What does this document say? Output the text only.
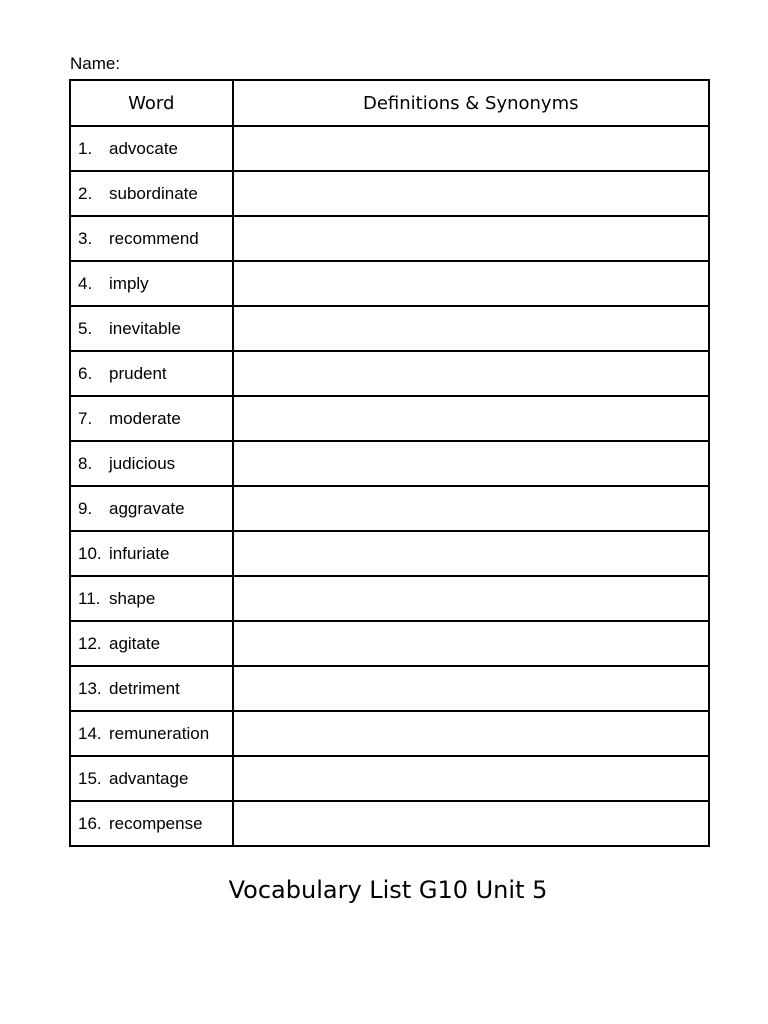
Name:
Word	Definitions & Synonyms
1. advocate	
2. subordinate	
3. recommend	
4. imply	
5. inevitable	
6. prudent	
7. moderate	
8. judicious	
9. aggravate	
10. infuriate	
11. shape	
12. agitate	
13. detriment	
14. remuneration	
15. advantage	
16. recompense	
Vocabulary List G10 Unit 5
